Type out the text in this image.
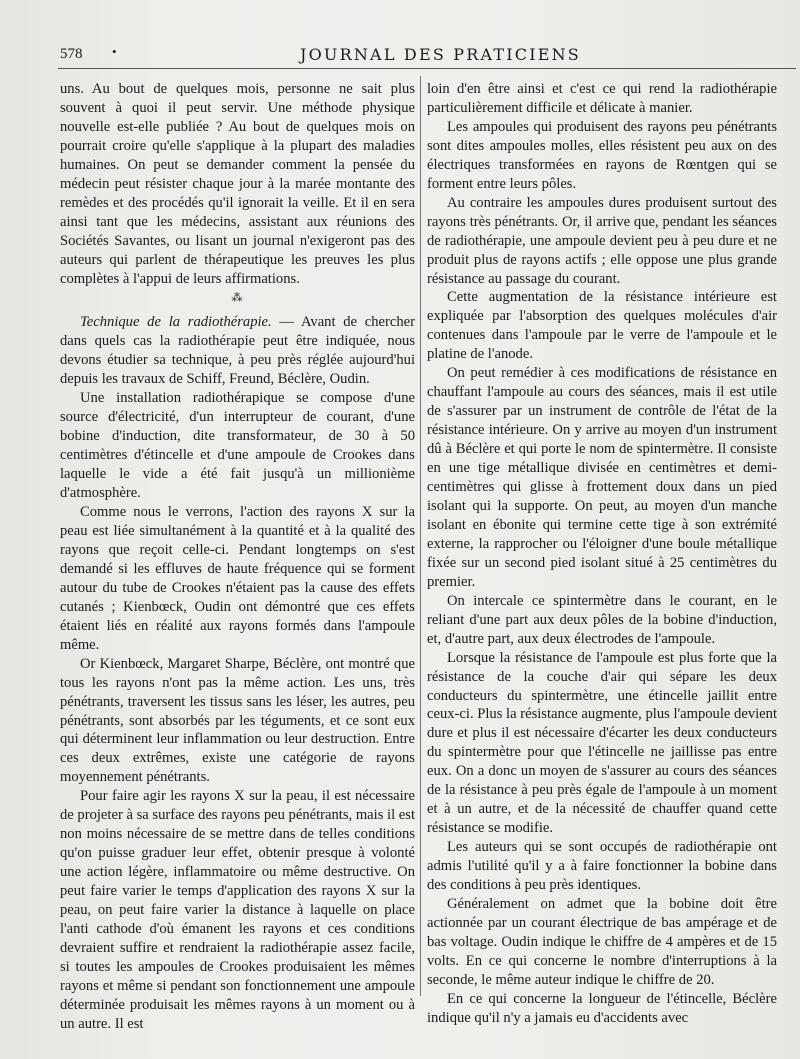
578 •	JOURNAL DES PRATICIENS

uns. Au bout de quelques mois, personne ne sait plus souvent à quoi il peut servir. Une méthode physique nouvelle est-elle publiée ? Au bout de quelques mois on pourrait croire qu'elle s'applique à la plupart des maladies humaines. On peut se demander comment la pensée du médecin peut résister chaque jour à la marée montante des remèdes et des procédés qu'il ignorait la veille. Et il en sera ainsi tant que les médecins, assistant aux réunions des Sociétés Savantes, ou lisant un journal n'exigeront pas des auteurs qui parlent de thérapeutique les preuves les plus complètes à l'appui de leurs affirmations.

⁂

Technique de la radiothérapie. — Avant de chercher dans quels cas la radiothérapie peut être indiquée, nous devons étudier sa technique, à peu près réglée aujourd'hui depuis les travaux de Schiff, Freund, Béclère, Oudin.

Une installation radiothérapique se compose d'une source d'électricité, d'un interrupteur de courant, d'une bobine d'induction, dite transformateur, de 30 à 50 centimètres d'étincelle et d'une ampoule de Crookes dans laquelle le vide a été fait jusqu'à un millionième d'atmosphère.

Comme nous le verrons, l'action des rayons X sur la peau est liée simultanément à la quantité et à la qualité des rayons que reçoit celle-ci. Pendant longtemps on s'est demandé si les effluves de haute fréquence qui se forment autour du tube de Crookes n'étaient pas la cause des effets cutanés ; Kienbœck, Oudin ont démontré que ces effets étaient liés en réalité aux rayons formés dans l'ampoule même.

Or Kienbœck, Margaret Sharpe, Béclère, ont montré que tous les rayons n'ont pas la même action. Les uns, très pénétrants, traversent les tissus sans les léser, les autres, peu pénétrants, sont absorbés par les téguments, et ce sont eux qui déterminent leur inflammation ou leur destruction. Entre ces deux extrêmes, existe une catégorie de rayons moyennement pénétrants.

Pour faire agir les rayons X sur la peau, il est nécessaire de projeter à sa surface des rayons peu pénétrants, mais il est non moins nécessaire de se mettre dans de telles conditions qu'on puisse graduer leur effet, obtenir presque à volonté une action légère, inflammatoire ou même destructive. On peut faire varier le temps d'application des rayons X sur la peau, on peut faire varier la distance à laquelle on place l'anti cathode d'où émanent les rayons et ces conditions devraient suffire et rendraient la radiothérapie assez facile, si toutes les ampoules de Crookes produisaient les mêmes rayons et même si pendant son fonctionnement une ampoule déterminée produisait les mêmes rayons à un moment ou à un autre. Il est

loin d'en être ainsi et c'est ce qui rend la radiothérapie particulièrement difficile et délicate à manier.

Les ampoules qui produisent des rayons peu pénétrants sont dites ampoules molles, elles résistent peu aux on des électriques transformées en rayons de Rœntgen qui se forment entre leurs pôles.

Au contraire les ampoules dures produisent surtout des rayons très pénétrants. Or, il arrive que, pendant les séances de radiothérapie, une ampoule devient peu à peu dure et ne produit plus de rayons actifs ; elle oppose une plus grande résistance au passage du courant.

Cette augmentation de la résistance intérieure est expliquée par l'absorption des quelques molécules d'air contenues dans l'ampoule par le verre de l'ampoule et le platine de l'anode.

On peut remédier à ces modifications de résistance en chauffant l'ampoule au cours des séances, mais il est utile de s'assurer par un instrument de contrôle de l'état de la résistance intérieure. On y arrive au moyen d'un instrument dû à Béclère et qui porte le nom de spintermètre. Il consiste en une tige métallique divisée en centimètres et demi-centimètres qui glisse à frottement doux dans un pied isolant qui la supporte. On peut, au moyen d'un manche isolant en ébonite qui termine cette tige à son extrémité externe, la rapprocher ou l'éloigner d'une boule métallique fixée sur un second pied isolant situé à 25 centimètres du premier.

On intercale ce spintermètre dans le courant, en le reliant d'une part aux deux pôles de la bobine d'induction, et, d'autre part, aux deux électrodes de l'ampoule.

Lorsque la résistance de l'ampoule est plus forte que la résistance de la couche d'air qui sépare les deux conducteurs du spintermètre, une étincelle jaillit entre ceux-ci. Plus la résistance augmente, plus l'ampoule devient dure et plus il est nécessaire d'écarter les deux conducteurs du spintermètre pour que l'étincelle ne jaillisse pas entre eux. On a donc un moyen de s'assurer au cours des séances de la résistance à peu près égale de l'ampoule à un moment et à un autre, et de la nécessité de chauffer quand cette résistance se modifie.

Les auteurs qui se sont occupés de radiothérapie ont admis l'utilité qu'il y a à faire fonctionner la bobine dans des conditions à peu près identiques.

Généralement on admet que la bobine doit être actionnée par un courant électrique de bas ampérage et de bas voltage. Oudin indique le chiffre de 4 ampères et de 15 volts. En ce qui concerne le nombre d'interruptions à la seconde, le même auteur indique le chiffre de 20.

En ce qui concerne la longueur de l'étincelle, Béclère indique qu'il n'y a jamais eu d'accidents avec
